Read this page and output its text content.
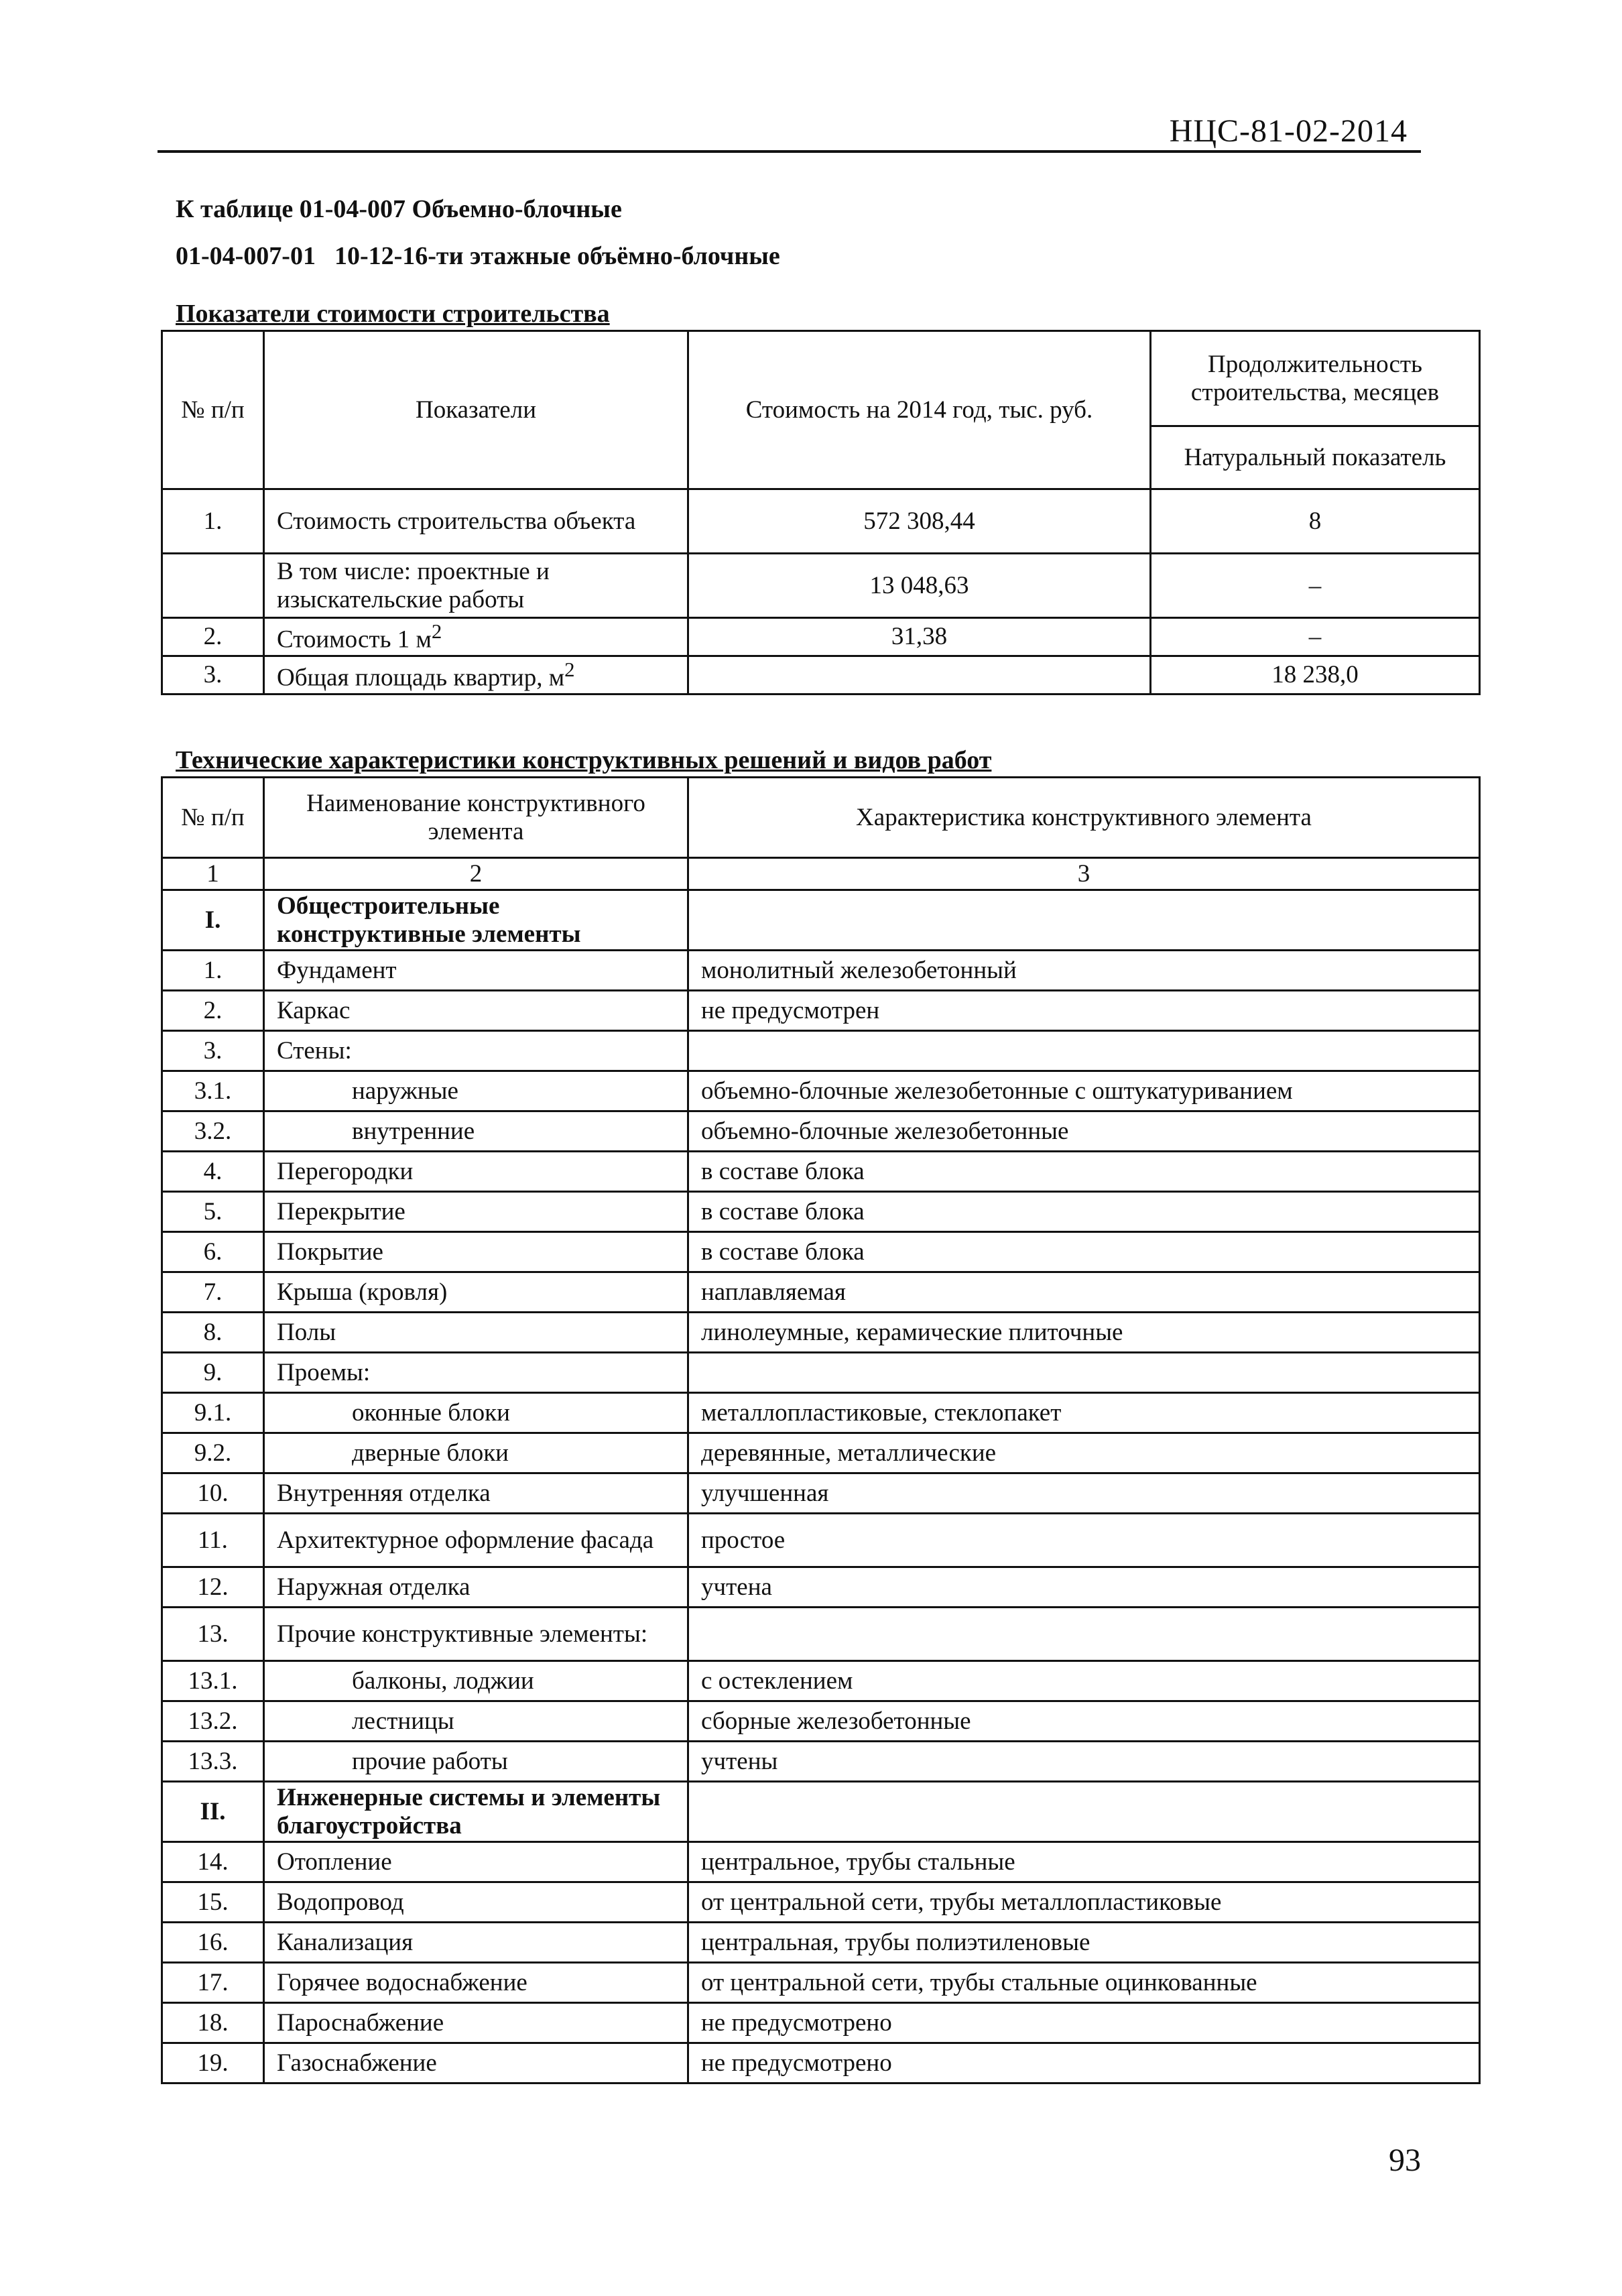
НЦС-81-02-2014
К таблице 01-04-007 Объемно-блочные
01-04-007-01 10-12-16-ти этажные объёмно-блочные
Показатели стоимости строительства
№ п/п	Показатели	Стоимость на 2014 год, тыс. руб.	Продолжительность строительства, месяцев
			Натуральный показатель
1.	Стоимость строительства объекта	572 308,44	8
	В том числе: проектные и изыскательские работы	13 048,63	–
2.	Стоимость 1 $м^2$	31,38	–
3.	Общая площадь квартир, $м^2$		18 238,0
Технические характеристики конструктивных решений и видов работ
№ п/п	Наименование конструктивного элемента	Характеристика конструктивного элемента
1	2	3
I.	Общестроительные конструктивные элементы	
1.	Фундамент	монолитный железобетонный
2.	Каркас	не предусмотрен
3.	Стены:	
3.1.	наружные	объемно-блочные железобетонные с оштукатуриванием
3.2.	внутренние	объемно-блочные железобетонные
4.	Перегородки	в составе блока
5.	Перекрытие	в составе блока
6.	Покрытие	в составе блока
7.	Крыша (кровля)	наплавляемая
8.	Полы	линолеумные, керамические плиточные
9.	Проемы:	
9.1.	оконные блоки	металлопластиковые, стеклопакет
9.2.	дверные блоки	деревянные, металлические
10.	Внутренняя отделка	улучшенная
11.	Архитектурное оформление фасада	простое
12.	Наружная отделка	учтена
13.	Прочие конструктивные элементы:	
13.1.	балконы, лоджии	с остеклением
13.2.	лестницы	сборные железобетонные
13.3.	прочие работы	учтены
II.	Инженерные системы и элементы благоустройства	
14.	Отопление	центральное, трубы стальные
15.	Водопровод	от центральной сети, трубы металлопластиковые
16.	Канализация	центральная, трубы полиэтиленовые
17.	Горячее водоснабжение	от центральной сети, трубы стальные оцинкованные
18.	Пароснабжение	не предусмотрено
19.	Газоснабжение	не предусмотрено
93
